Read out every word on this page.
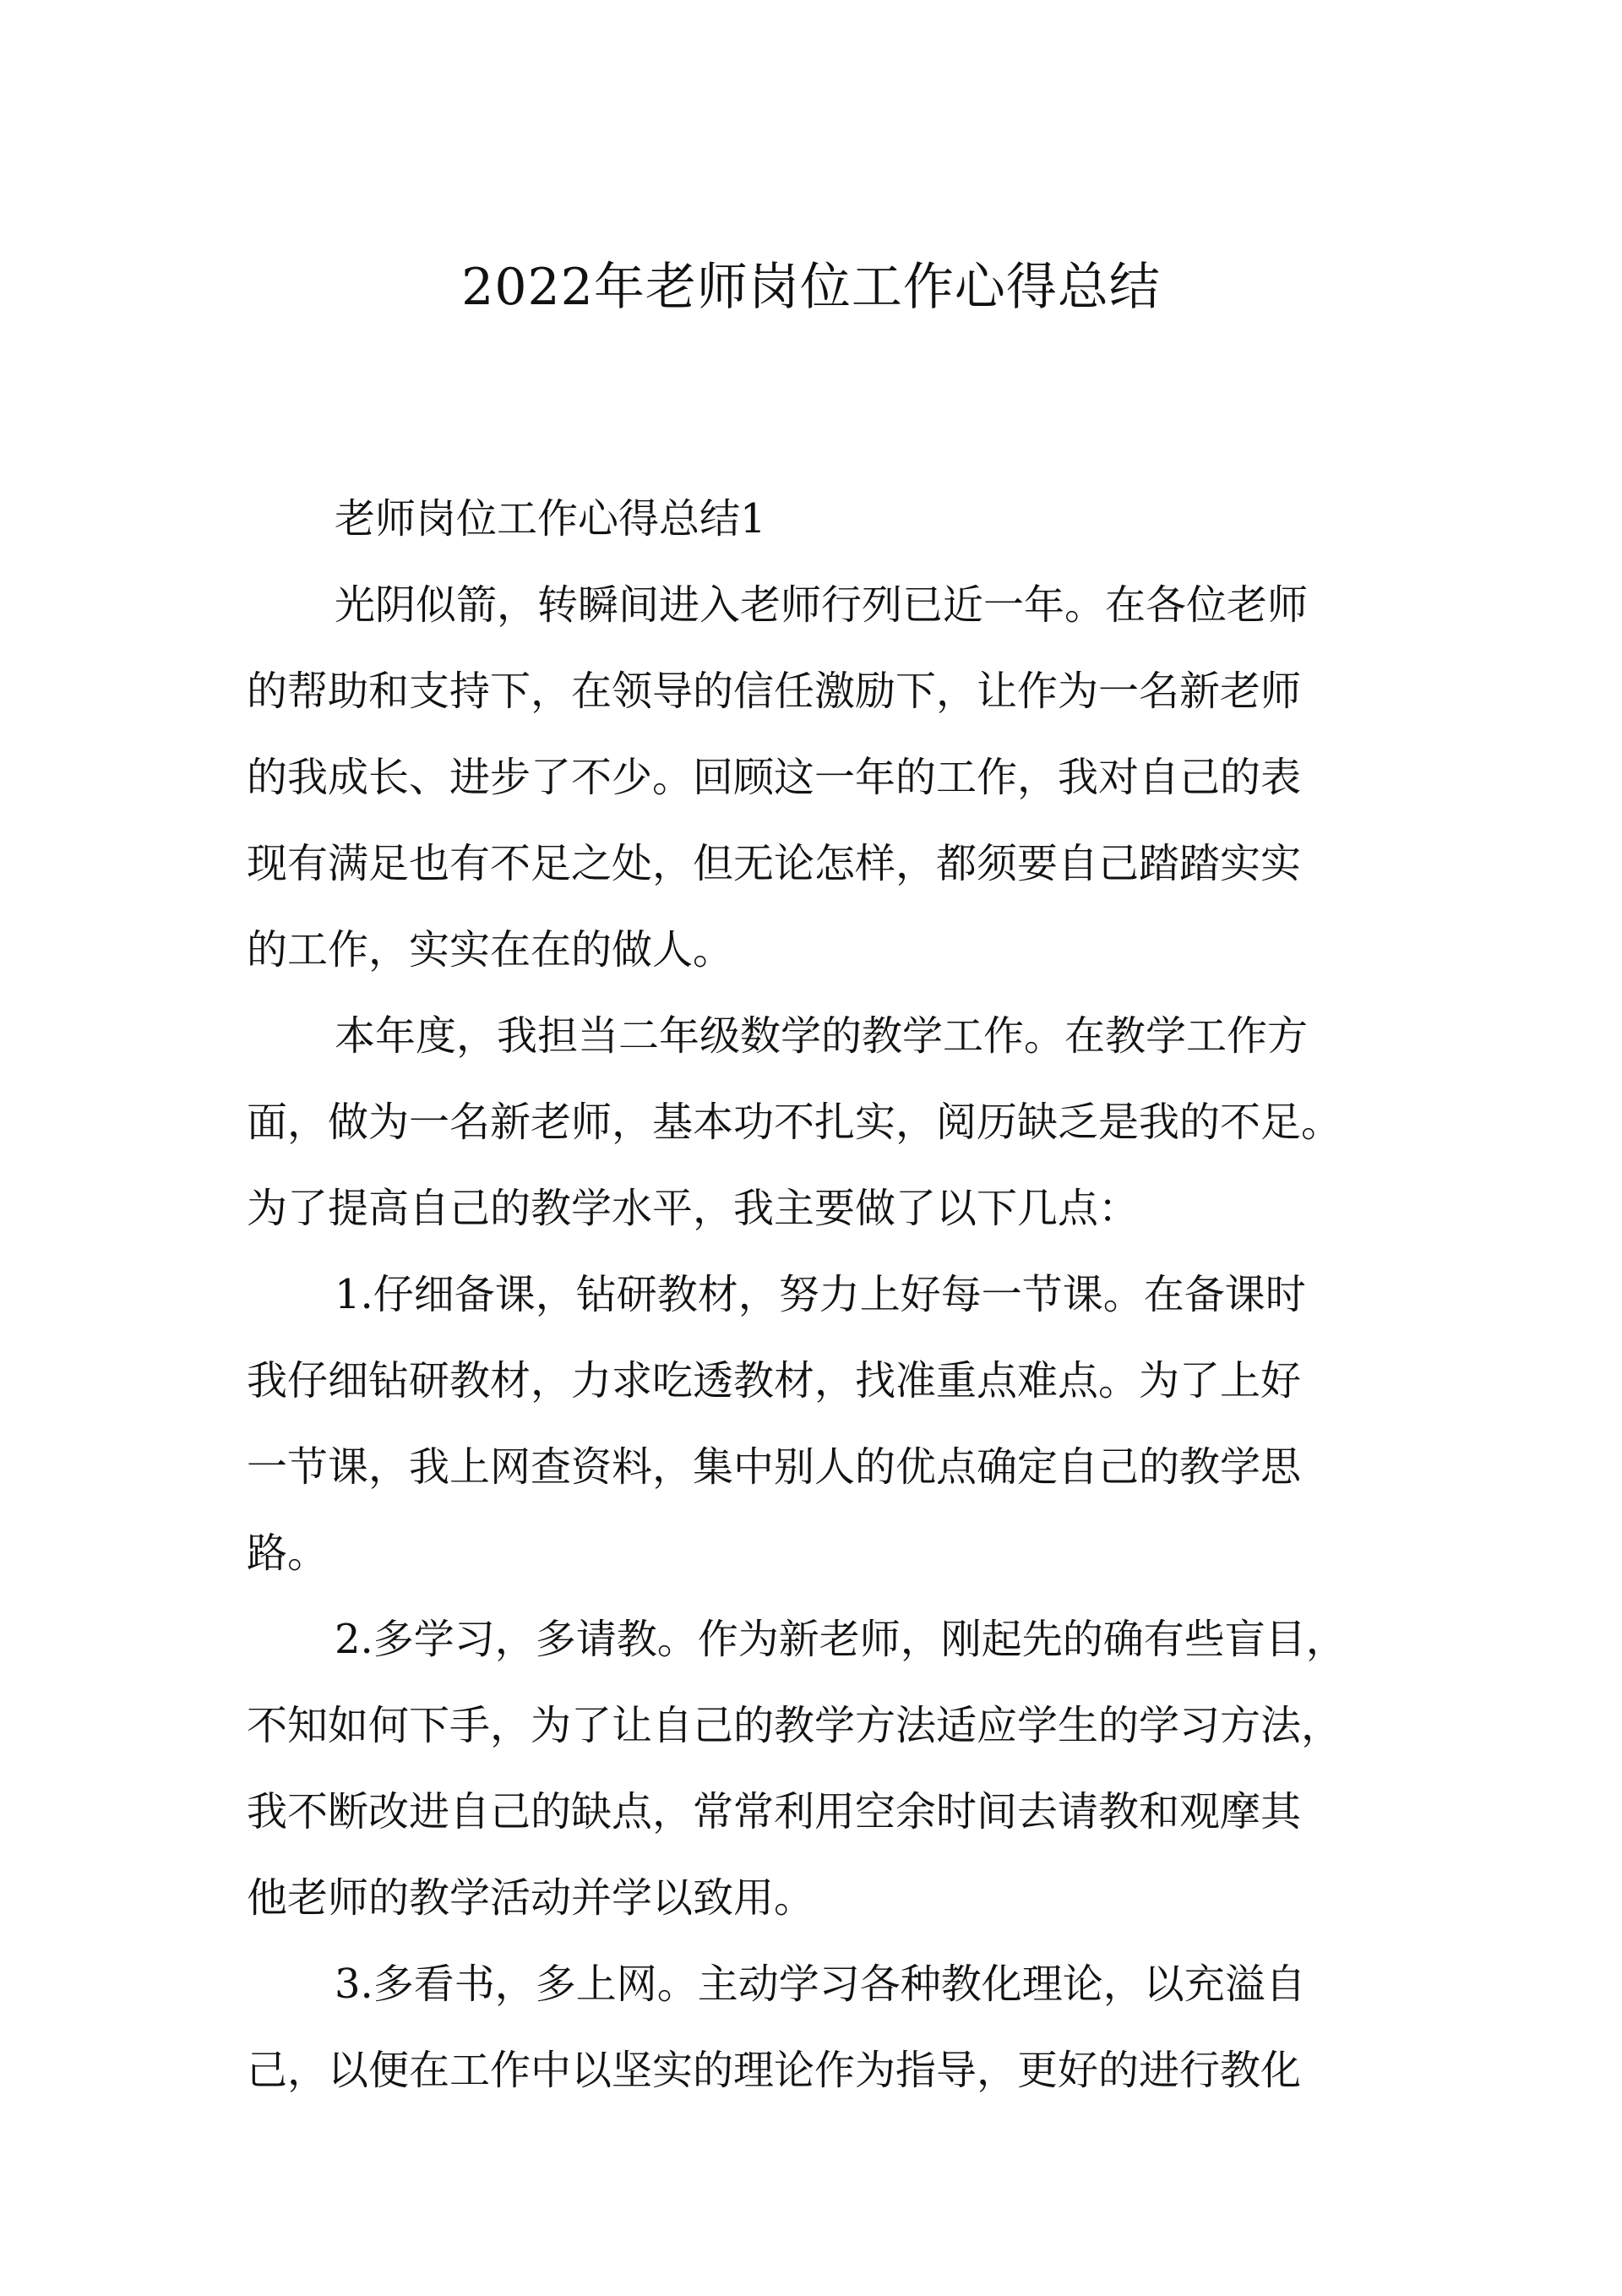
2022年老师岗位工作心得总结
老师岗位工作心得总结1
光阴似箭，转瞬间进入老师行列已近一年。在各位老师
的帮助和支持下，在领导的信任激励下，让作为一名新老师
的我成长、进步了不少。回顾这一年的工作，我对自己的表
现有满足也有不足之处，但无论怎样，都须要自己踏踏实实
的工作，实实在在的做人。
本年度，我担当二年级数学的教学工作。在教学工作方
面，做为一名新老师，基本功不扎实，阅历缺乏是我的不足。
为了提高自己的教学水平，我主要做了以下几点：
1.仔细备课，钻研教材，努力上好每一节课。在备课时
我仔细钻研教材，力求吃透教材，找准重点难点。为了上好
一节课，我上网查资料，集中别人的优点确定自己的教学思
路。
2.多学习，多请教。作为新老师，刚起先的确有些盲目，
不知如何下手，为了让自己的教学方法适应学生的学习方法，
我不断改进自己的缺点，常常利用空余时间去请教和观摩其
他老师的教学活动并学以致用。
3.多看书，多上网。主动学习各种教化理论，以充溢自
己，以便在工作中以坚实的理论作为指导，更好的进行教化
